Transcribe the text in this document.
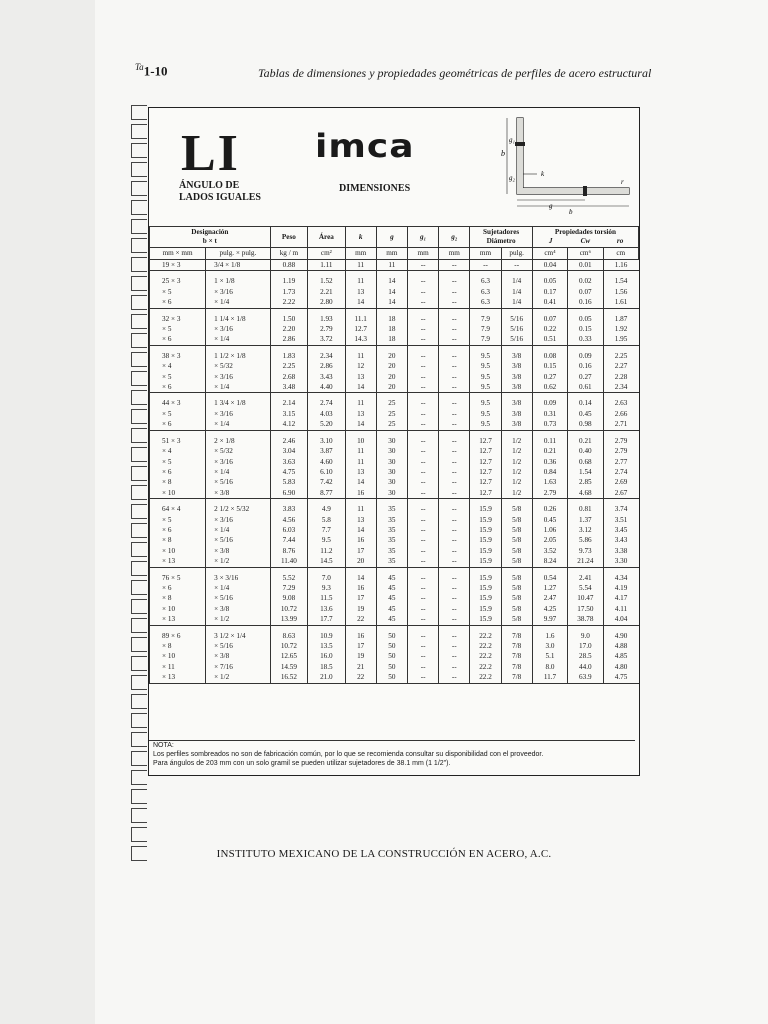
$^{Ta}$1-10	Tablas de dimensiones y propiedades geométricas de perfiles de acero estructural
LI imca
ÁNGULO DE
LADOS IGUALES
DIMENSIONES
b
g₁
g₂	k
r
g
b
Designación
b × t		Peso	Área	k	g	g₁	g₂	Sujetadores
Diámetro		Propiedades torsión
J Cw ro		

mm × mm	pulg. × pulg.	kg / m	cm²	mm	mm	mm	mm	mm	pulg.	cm⁴	cm⁶	cm
19 × 3	3/4 × 1/8	0.88	1.11	11	11	--	--	--	--	0.04	0.01	1.16

25 × 3	1 × 1/8	1.19	1.52	11	14	--	--	6.3	1/4	0.05	0.02	1.54
× 5	× 3/16	1.73	2.21	13	14	--	--	6.3	1/4	0.17	0.07	1.56
× 6	× 1/4	2.22	2.80	14	14	--	--	6.3	1/4	0.41	0.16	1.61

32 × 3	1 1/4 × 1/8	1.50	1.93	11.1	18	--	--	7.9	5/16	0.07	0.05	1.87
× 5	× 3/16	2.20	2.79	12.7	18	--	--	7.9	5/16	0.22	0.15	1.92
× 6	× 1/4	2.86	3.72	14.3	18	--	--	7.9	5/16	0.51	0.33	1.95

38 × 3	1 1/2 × 1/8	1.83	2.34	11	20	--	--	9.5	3/8	0.08	0.09	2.25
× 4	× 5/32	2.25	2.86	12	20	--	--	9.5	3/8	0.15	0.16	2.27
× 5	× 3/16	2.68	3.43	13	20	--	--	9.5	3/8	0.27	0.27	2.28
× 6	× 1/4	3.48	4.40	14	20	--	--	9.5	3/8	0.62	0.61	2.34

44 × 3	1 3/4 × 1/8	2.14	2.74	11	25	--	--	9.5	3/8	0.09	0.14	2.63
× 5	× 3/16	3.15	4.03	13	25	--	--	9.5	3/8	0.31	0.45	2.66
× 6	× 1/4	4.12	5.20	14	25	--	--	9.5	3/8	0.73	0.98	2.71

51 × 3	2 × 1/8	2.46	3.10	10	30	--	--	12.7	1/2	0.11	0.21	2.79
× 4	× 5/32	3.04	3.87	11	30	--	--	12.7	1/2	0.21	0.40	2.79
× 5	× 3/16	3.63	4.60	11	30	--	--	12.7	1/2	0.36	0.68	2.77
× 6	× 1/4	4.75	6.10	13	30	--	--	12.7	1/2	0.84	1.54	2.74
× 8	× 5/16	5.83	7.42	14	30	--	--	12.7	1/2	1.63	2.85	2.69
× 10	× 3/8	6.90	8.77	16	30	--	--	12.7	1/2	2.79	4.68	2.67

64 × 4	2 1/2 × 5/32	3.83	4.9	11	35	--	--	15.9	5/8	0.26	0.81	3.74
× 5	× 3/16	4.56	5.8	13	35	--	--	15.9	5/8	0.45	1.37	3.51
× 6	× 1/4	6.03	7.7	14	35	--	--	15.9	5/8	1.06	3.12	3.45
× 8	× 5/16	7.44	9.5	16	35	--	--	15.9	5/8	2.05	5.86	3.43
× 10	× 3/8	8.76	11.2	17	35	--	--	15.9	5/8	3.52	9.73	3.38
× 13	× 1/2	11.40	14.5	20	35	--	--	15.9	5/8	8.24	21.24	3.30

76 × 5	3 × 3/16	5.52	7.0	14	45	--	--	15.9	5/8	0.54	2.41	4.34
× 6	× 1/4	7.29	9.3	16	45	--	--	15.9	5/8	1.27	5.54	4.19
× 8	× 5/16	9.08	11.5	17	45	--	--	15.9	5/8	2.47	10.47	4.17
× 10	× 3/8	10.72	13.6	19	45	--	--	15.9	5/8	4.25	17.50	4.11
× 13	× 1/2	13.99	17.7	22	45	--	--	15.9	5/8	9.97	38.78	4.04

89 × 6	3 1/2 × 1/4	8.63	10.9	16	50	--	--	22.2	7/8	1.6	9.0	4.90
× 8	× 5/16	10.72	13.5	17	50	--	--	22.2	7/8	3.0	17.0	4.88
× 10	× 3/8	12.65	16.0	19	50	--	--	22.2	7/8	5.1	28.5	4.85
× 11	× 7/16	14.59	18.5	21	50	--	--	22.2	7/8	8.0	44.0	4.80
× 13	× 1/2	16.52	21.0	22	50	--	--	22.2	7/8	11.7	63.9	4.75
NOTA:
Los perfiles sombreados no son de fabricación común, por lo que se recomienda consultar su disponibilidad con el proveedor.
Para ángulos de 203 mm con un solo gramil se pueden utilizar sujetadores de 38.1 mm (1 1/2").
INSTITUTO MEXICANO DE LA CONSTRUCCIÓN EN ACERO, A.C.
